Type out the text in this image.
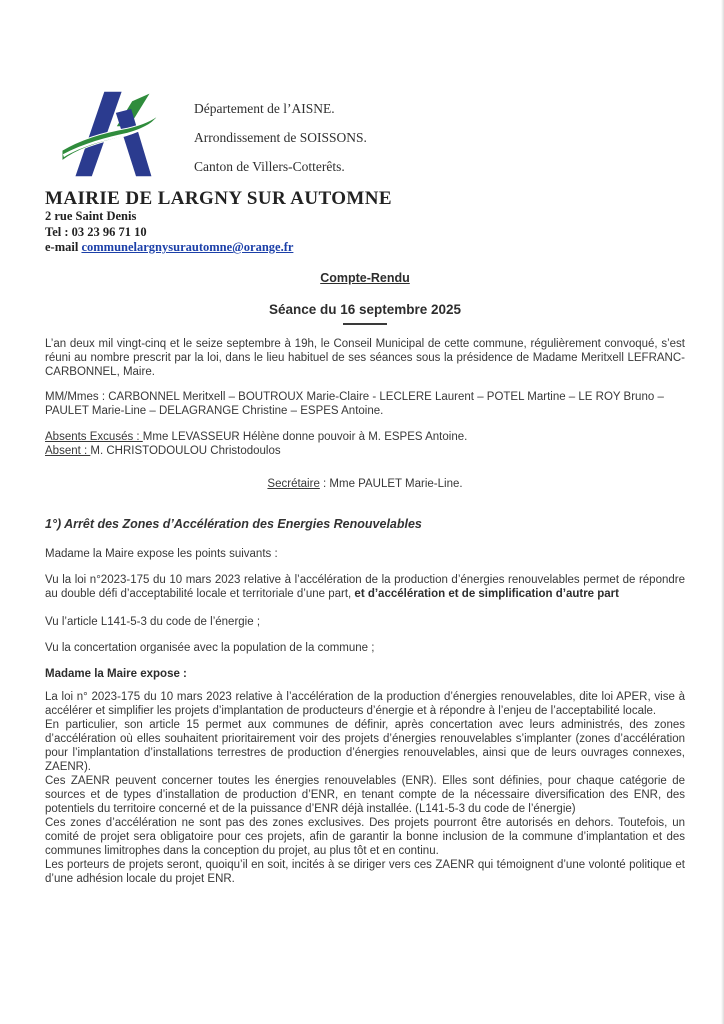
Département de l’AISNE.
Arrondissement de SOISSONS.
Canton de Villers-Cotterêts.
MAIRIE DE LARGNY SUR AUTOMNE
2 rue Saint Denis
Tel : 03 23 96 71 10
e-mail communelargnysurautomne@orange.fr
Compte-Rendu
Séance du 16 septembre 2025

L’an deux mil vingt-cinq et le seize septembre à 19h, le Conseil Municipal de cette commune, régulièrement convoqué, s’est réuni au nombre prescrit par la loi, dans le lieu habituel de ses séances sous la présidence de Madame Meritxell LEFRANC-CARBONNEL, Maire.

MM/Mmes : CARBONNEL Meritxell – BOUTROUX Marie-Claire - LECLERE Laurent – POTEL Martine – LE ROY Bruno – PAULET Marie-Line – DELAGRANGE Christine – ESPES Antoine.

Absents Excusés : Mme LEVASSEUR Hélène donne pouvoir à M. ESPES Antoine.
Absent : M. CHRISTODOULOU Christodoulos

Secrétaire : Mme PAULET Marie-Line.

1°) Arrêt des Zones d’Accélération des Energies Renouvelables

Madame la Maire expose les points suivants :

Vu la loi n°2023-175 du 10 mars 2023 relative à l’accélération de la production d’énergies renouvelables permet de répondre au double défi d’acceptabilité locale et territoriale d’une part, et d’accélération et de simplification d’autre part

Vu l’article L141-5-3 du code de l’énergie ;

Vu la concertation organisée avec la population de la commune ;

Madame la Maire expose :

La loi n° 2023-175 du 10 mars 2023 relative à l’accélération de la production d’énergies renouvelables, dite loi APER, vise à accélérer et simplifier les projets d’implantation de producteurs d’énergie et à répondre à l’enjeu de l’acceptabilité locale.

En particulier, son article 15 permet aux communes de définir, après concertation avec leurs administrés, des zones d’accélération où elles souhaitent prioritairement voir des projets d’énergies renouvelables s’implanter (zones d’accélération pour l’implantation d’installations terrestres de production d’énergies renouvelables, ainsi que de leurs ouvrages connexes, ZAENR).

Ces ZAENR peuvent concerner toutes les énergies renouvelables (ENR). Elles sont définies, pour chaque catégorie de sources et de types d’installation de production d’ENR, en tenant compte de la nécessaire diversification des ENR, des potentiels du territoire concerné et de la puissance d’ENR déjà installée. (L141-5-3 du code de l’énergie)

Ces zones d’accélération ne sont pas des zones exclusives. Des projets pourront être autorisés en dehors. Toutefois, un comité de projet sera obligatoire pour ces projets, afin de garantir la bonne inclusion de la commune d’implantation et des communes limitrophes dans la conception du projet, au plus tôt et en continu.

Les porteurs de projets seront, quoiqu’il en soit, incités à se diriger vers ces ZAENR qui témoignent d’une volonté politique et d’une adhésion locale du projet ENR.
